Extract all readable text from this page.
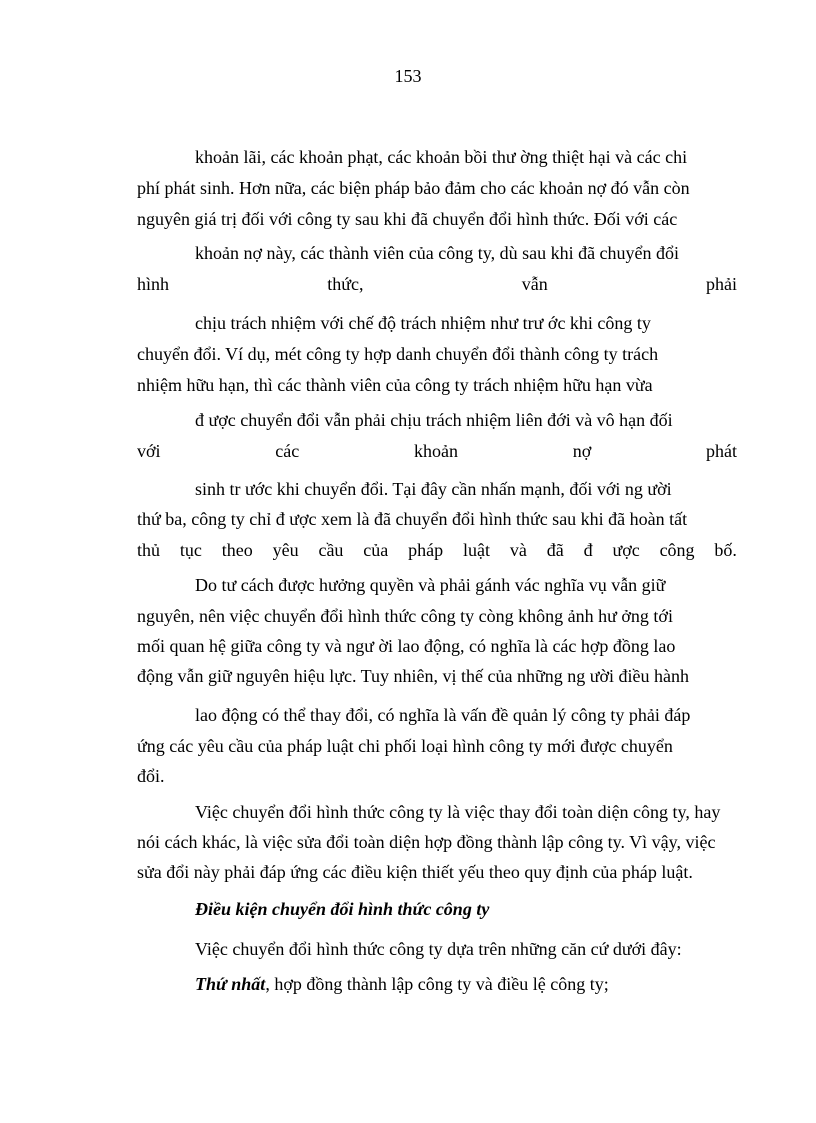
153
khoản lãi, các khoản phạt, các khoản bồi thư ờng thiệt hại và các chi
phí phát sinh. Hơn nữa, các biện pháp bảo đảm cho các khoản nợ đó vẫn còn
nguyên giá trị đối với công ty sau khi đã chuyển đổi hình thức. Đối với các
khoản nợ này, các thành viên của công ty, dù sau khi đã chuyển đổi
hình	thức,	vẫn	phải
chịu trách nhiệm với chế độ trách nhiệm như trư ớc khi công ty
chuyển đổi. Ví dụ, mét công ty hợp danh chuyển đổi thành công ty trách
nhiệm hữu hạn, thì các thành viên của công ty trách nhiệm hữu hạn vừa
đ ược chuyển đổi vẫn phải chịu trách nhiệm liên đới và vô hạn đối
với	các	khoản	nợ	phát
sinh tr ước khi chuyển đổi. Tại đây cần nhấn mạnh, đối với ng ười
thứ ba, công ty chỉ đ ược xem là đã chuyển đổi hình thức sau khi đã hoàn tất
thủ tục theo yêu cầu của pháp luật và đã đ ược công bố.
Do tư cách được hưởng quyền và phải gánh vác nghĩa vụ vẫn giữ
nguyên, nên việc chuyển đổi hình thức công ty còng không ảnh hư ởng tới
mối quan hệ giữa công ty và ngư ời lao động, có nghĩa là các hợp đồng lao
động vẫn giữ nguyên hiệu lực. Tuy nhiên, vị thế của những ng ười điều hành
lao động có thể thay đổi, có nghĩa là vấn đề quản lý công ty phải đáp
ứng các yêu cầu của pháp luật chi phối loại hình công ty mới được chuyển
đổi.
Việc chuyển đổi hình thức công ty là việc thay đổi toàn diện công ty, hay
nói cách khác, là việc sửa đổi toàn diện hợp đồng thành lập công ty. Vì vậy, việc
sửa đổi này phải đáp ứng các điều kiện thiết yếu theo quy định của pháp luật.
Điều kiện chuyển đổi hình thức công ty
Việc chuyển đổi hình thức công ty dựa trên những căn cứ dưới đây:
Thứ nhất, hợp đồng thành lập công ty và điều lệ công ty;
